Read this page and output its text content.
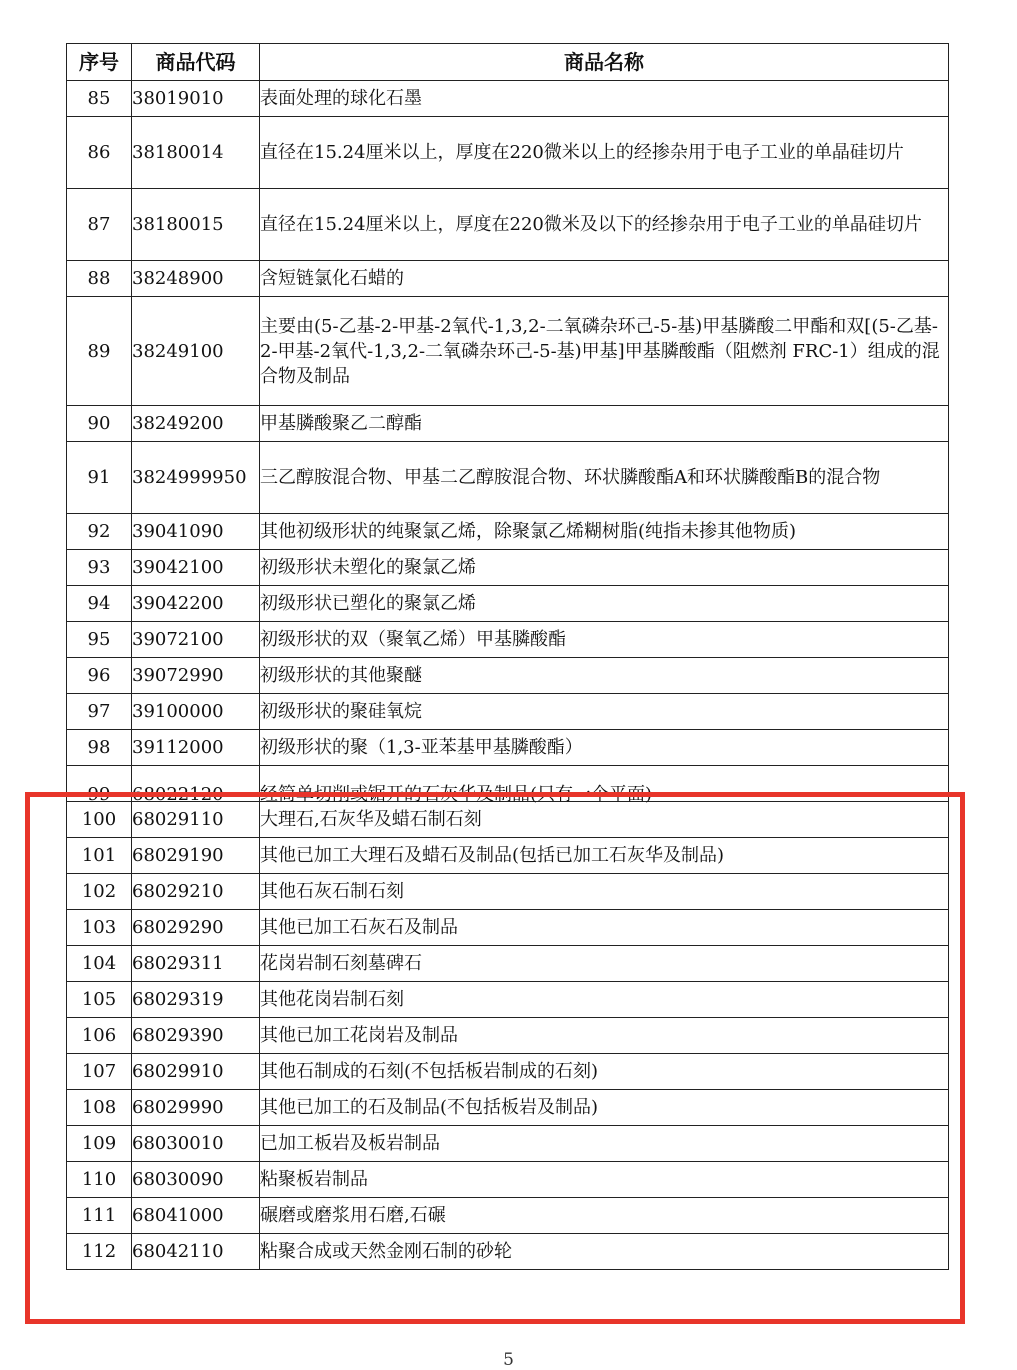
序号	商品代码	商品名称
85	38019010	表面处理的球化石墨
86	38180014	直径在15.24厘米以上，厚度在220微米以上的经掺杂用于电子工业的单晶硅切片
87	38180015	直径在15.24厘米以上，厚度在220微米及以下的经掺杂用于电子工业的单晶硅切片
88	38248900	含短链氯化石蜡的
89	38249100	主要由(5-乙基-2-甲基-2氧代-1,3,2-二氧磷杂环己-5-基)甲基膦酸二甲酯和双[(5-乙基-2-甲基-2氧代-1,3,2-二氧磷杂环己-5-基)甲基]甲基膦酸酯（阻燃剂 FRC-1）组成的混合物及制品
90	38249200	甲基膦酸聚乙二醇酯
91	3824999950	三乙醇胺混合物、甲基二乙醇胺混合物、环状膦酸酯A和环状膦酸酯B的混合物
92	39041090	其他初级形状的纯聚氯乙烯，除聚氯乙烯糊树脂(纯指未掺其他物质)
93	39042100	初级形状未塑化的聚氯乙烯
94	39042200	初级形状已塑化的聚氯乙烯
95	39072100	初级形状的双（聚氧乙烯）甲基膦酸酯
96	39072990	初级形状的其他聚醚
97	39100000	初级形状的聚硅氧烷
98	39112000	初级形状的聚（1,3-亚苯基甲基膦酸酯）

99	68022120	经简单切削或锯开的石灰华及制品(只有一个平面)

100	68029110	大理石,石灰华及蜡石制石刻
101	68029190	其他已加工大理石及蜡石及制品(包括已加工石灰华及制品)
102	68029210	其他石灰石制石刻
103	68029290	其他已加工石灰石及制品
104	68029311	花岗岩制石刻墓碑石
105	68029319	其他花岗岩制石刻
106	68029390	其他已加工花岗岩及制品
107	68029910	其他石制成的石刻(不包括板岩制成的石刻)
108	68029990	其他已加工的石及制品(不包括板岩及制品)
109	68030010	已加工板岩及板岩制品
110	68030090	粘聚板岩制品
111	68041000	碾磨或磨浆用石磨,石碾
112	68042110	粘聚合成或天然金刚石制的砂轮
5
